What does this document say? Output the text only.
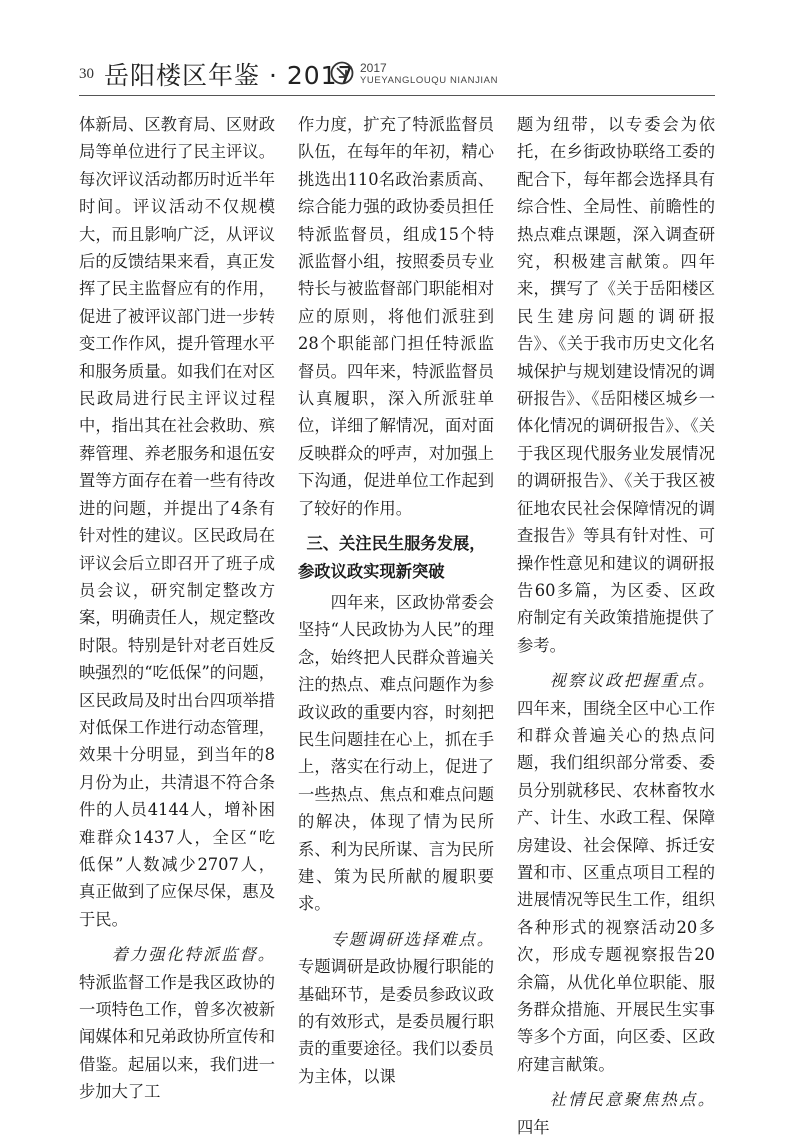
30 岳阳楼区年鉴 · 2017 2017
YUEYANGLOUQU NIANJIAN

体新局、区教育局、区财政局等单位进行了民主评议。每次评议活动都历时近半年时间。评议活动不仅规模大，而且影响广泛，从评议后的反馈结果来看，真正发挥了民主监督应有的作用，促进了被评议部门进一步转变工作作风，提升管理水平和服务质量。如我们在对区民政局进行民主评议过程中，指出其在社会救助、殡葬管理、养老服务和退伍安置等方面存在着一些有待改进的问题，并提出了4条有针对性的建议。区民政局在评议会后立即召开了班子成员会议，研究制定整改方案，明确责任人，规定整改时限。特别是针对老百姓反映强烈的“吃低保”的问题，区民政局及时出台四项举措对低保工作进行动态管理，效果十分明显，到当年的8月份为止，共清退不符合条件的人员4144人，增补困难群众1437人，全区“吃低保”人数减少2707人，真正做到了应保尽保，惠及于民。

着力强化特派监督。特派监督工作是我区政协的一项特色工作，曾多次被新闻媒体和兄弟政协所宣传和借鉴。起届以来，我们进一步加大了工

作力度，扩充了特派监督员队伍，在每年的年初，精心挑选出110名政治素质高、综合能力强的政协委员担任特派监督员，组成15个特派监督小组，按照委员专业特长与被监督部门职能相对应的原则，将他们派驻到28个职能部门担任特派监督员。四年来，特派监督员认真履职，深入所派驻单位，详细了解情况，面对面反映群众的呼声，对加强上下沟通，促进单位工作起到了较好的作用。

三、关注民生服务发展，
参政议政实现新突破

四年来，区政协常委会坚持“人民政协为人民”的理念，始终把人民群众普遍关注的热点、难点问题作为参政议政的重要内容，时刻把民生问题挂在心上，抓在手上，落实在行动上，促进了一些热点、焦点和难点问题的解决，体现了情为民所系、利为民所谋、言为民所建、策为民所献的履职要求。

专题调研选择难点。专题调研是政协履行职能的基础环节，是委员参政议政的有效形式，是委员履行职责的重要途径。我们以委员为主体，以课

题为纽带，以专委会为依托，在乡街政协联络工委的配合下，每年都会选择具有综合性、全局性、前瞻性的热点难点课题，深入调查研究，积极建言献策。四年来，撰写了《关于岳阳楼区民生建房问题的调研报告》、《关于我市历史文化名城保护与规划建设情况的调研报告》、《岳阳楼区城乡一体化情况的调研报告》、《关于我区现代服务业发展情况的调研报告》、《关于我区被征地农民社会保障情况的调查报告》等具有针对性、可操作性意见和建议的调研报告60多篇，为区委、区政府制定有关政策措施提供了参考。

视察议政把握重点。四年来，围绕全区中心工作和群众普遍关心的热点问题，我们组织部分常委、委员分别就移民、农林畜牧水产、计生、水政工程、保障房建设、社会保障、拆迁安置和市、区重点项目工程的进展情况等民生工作，组织各种形式的视察活动20多次，形成专题视察报告20余篇，从优化单位职能、服务群众措施、开展民生实事等多个方面，向区委、区政府建言献策。

社情民意聚焦热点。四年
